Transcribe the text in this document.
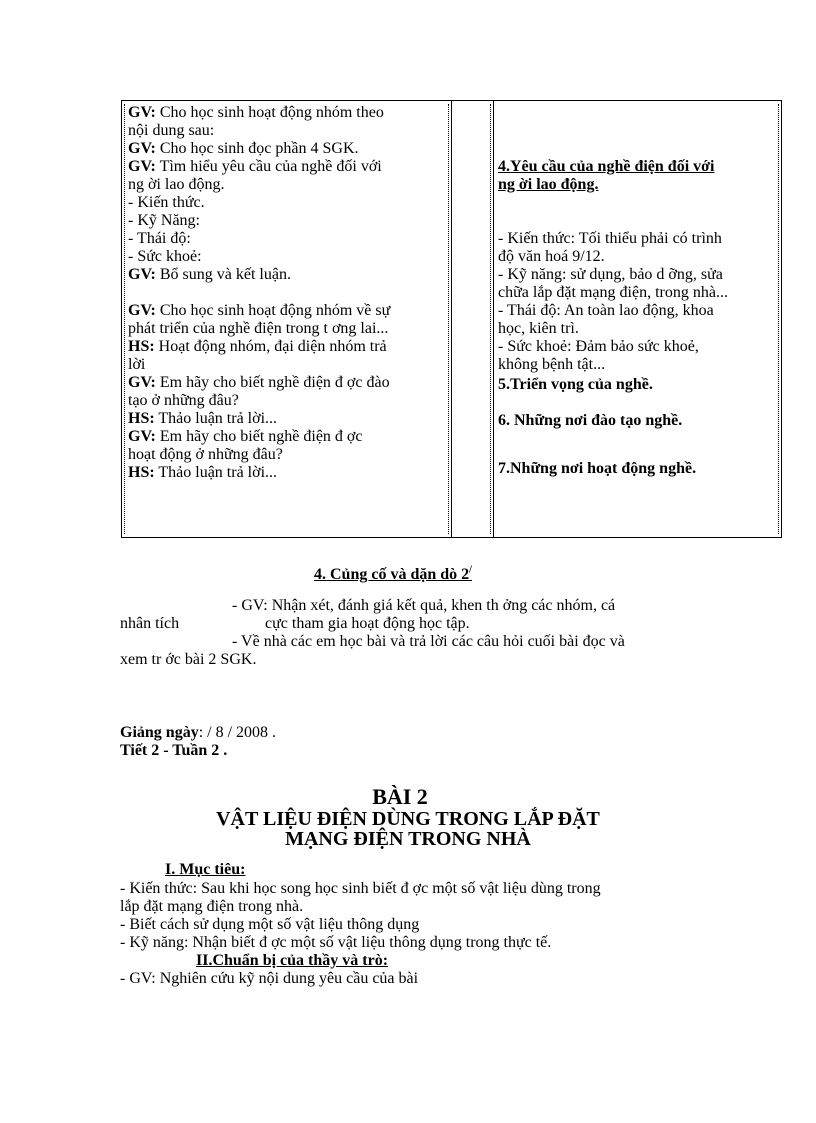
GV: Cho học sinh hoạt động nhóm theo
nội dung sau:
GV: Cho học sinh đọc phần 4 SGK.
GV: Tìm hiểu yêu cầu của nghề đối với
ng ời lao động.
- Kiến thức.
- Kỹ Năng:
- Thái độ:
- Sức khoẻ:
GV: Bổ sung và kết luận.
GV: Cho học sinh hoạt động nhóm về sự
phát triển của nghề điện trong t ơng lai...
HS: Hoạt động nhóm, đại diện nhóm trả
lời
GV: Em hãy cho biết nghề điện đ ợc đào
tạo ở những đâu?
HS: Thảo luận trả lời...
GV: Em hãy cho biết nghề điện đ ợc
hoạt động ở những đâu?
HS: Thảo luận trả lời...
4.Yêu cầu của nghề điện đối với
ng ời lao động.
- Kiến thức: Tối thiểu phải có trình
độ văn hoá 9/12.
- Kỹ năng: sử dụng, bảo d ỡng, sửa
chữa lắp đặt mạng điện, trong nhà...
- Thái độ: An toàn lao động, khoa
học, kiên trì.
- Sức khoẻ: Đảm bảo sức khoẻ,
không bệnh tật...
5.Triển vọng của nghề.
6. Những nơi đào tạo nghề.
7.Những nơi hoạt động nghề.
4. Củng cố và dặn dò 2/
- GV: Nhận xét, đánh giá kết quả, khen th ởng các nhóm, cá
nhân tích	cực tham gia hoạt động học tập.
- Về nhà các em học bài và trả lời các câu hỏi cuối bài đọc và
xem tr ớc bài 2 SGK.
Giảng ngày: / 8 / 2008 .
Tiết 2 - Tuần 2 .
BÀI 2
VẬT LIỆU ĐIỆN DÙNG TRONG LẮP ĐẶT
MẠNG ĐIỆN TRONG NHÀ
I. Mục tiêu:
- Kiến thức: Sau khi học song học sinh biết đ ợc một số vật liệu dùng trong
lắp đặt mạng điện trong nhà.
- Biết cách sử dụng một số vật liệu thông dụng
- Kỹ năng: Nhận biết đ ợc một số vật liệu thông dụng trong thực tế.
II.Chuẩn bị của thầy và trò:
- GV: Nghiên cứu kỹ nội dung yêu cầu của bài
